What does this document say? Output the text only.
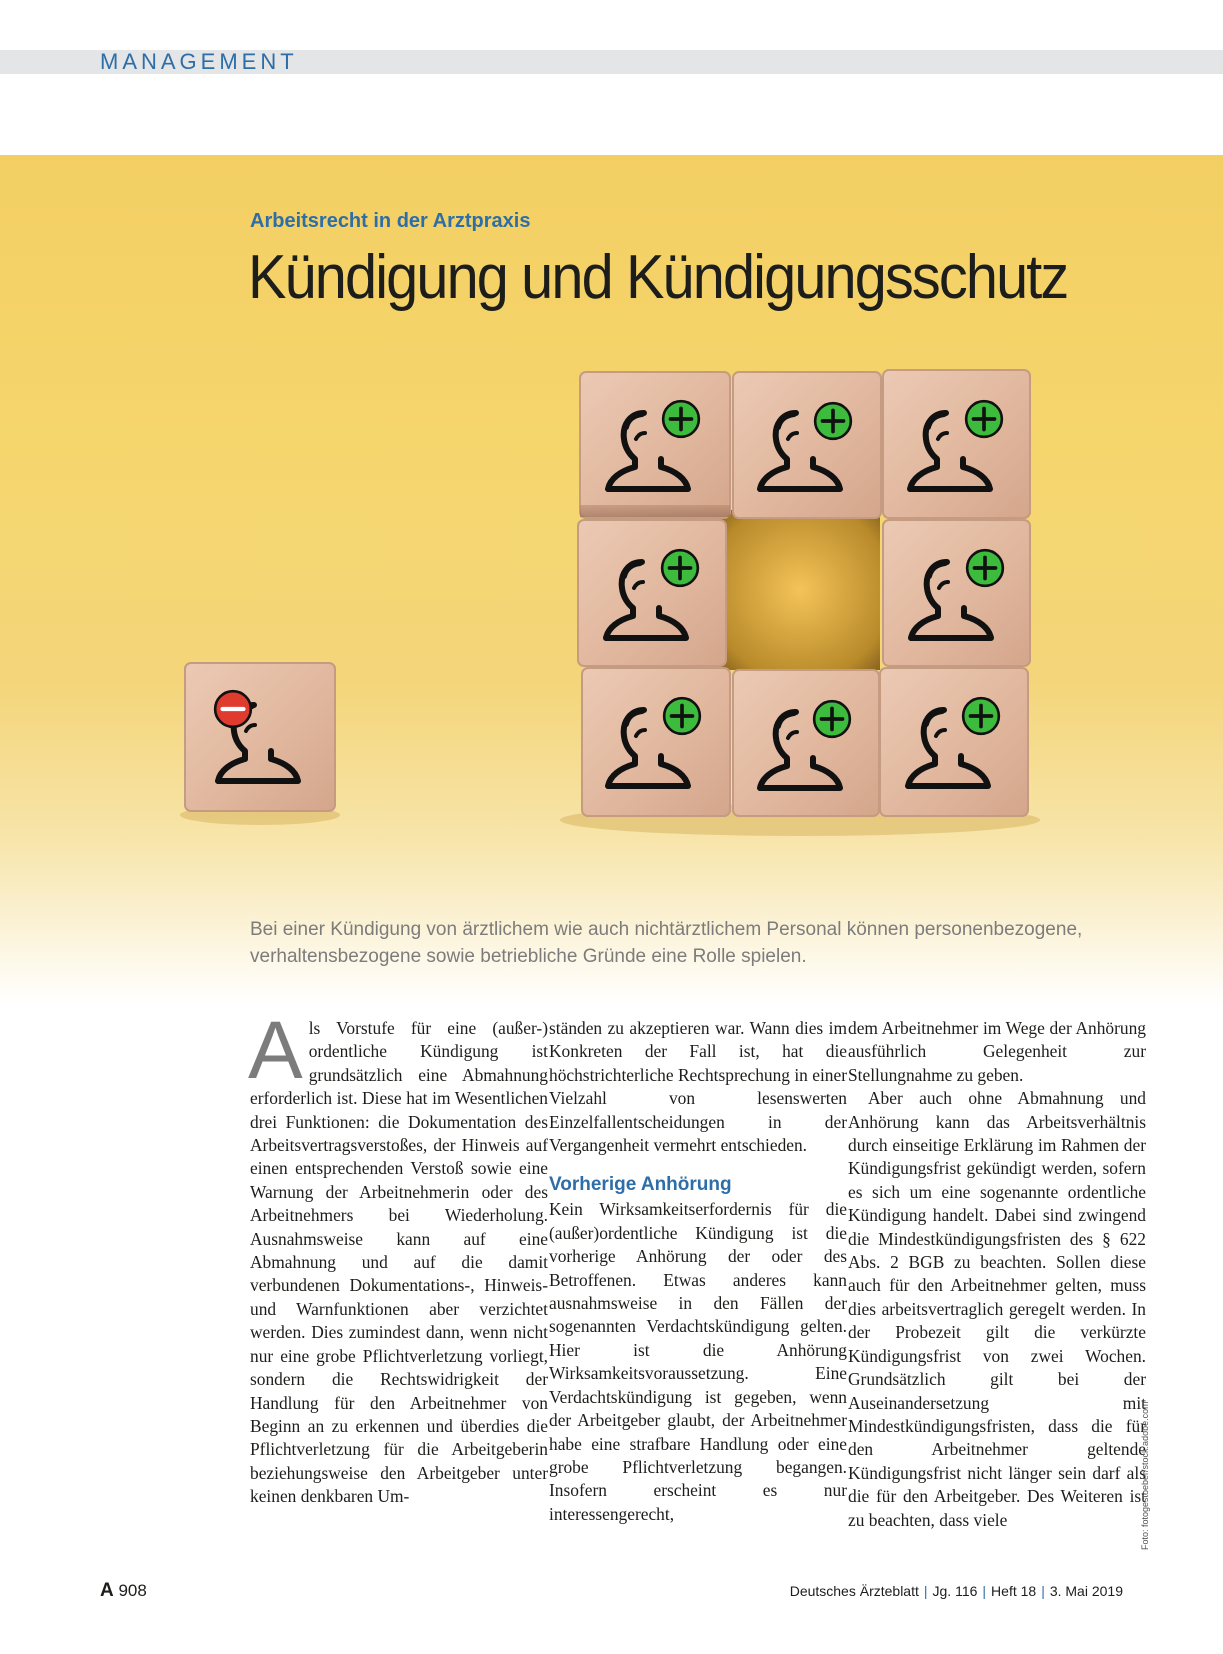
MANAGEMENT
Arbeitsrecht in der Arztpraxis
Kündigung und Kündigungsschutz
Bei einer Kündigung von ärztlichem wie auch nichtärztlichem Personal können personenbezogene,
verhaltensbezogene sowie betriebliche Gründe eine Rolle spielen.

A ls Vorstufe für eine (außer-) ordentliche Kündigung ist grundsätzlich eine Abmahnung erforderlich ist. Diese hat im Wesentlichen drei Funktionen: die Dokumentation des Arbeitsvertragsverstoßes, der Hinweis auf einen entsprechenden Verstoß sowie eine Warnung der Arbeitnehmerin oder des Arbeitnehmers bei Wiederholung. Ausnahmsweise kann auf eine Abmahnung und auf die damit verbundenen Dokumentations-, Hinweis- und Warnfunktionen aber verzichtet werden. Dies zumindest dann, wenn nicht nur eine grobe Pflichtverletzung vorliegt, sondern die Rechtswidrigkeit der Handlung für den Arbeitnehmer von Beginn an zu erkennen und überdies die Pflichtverletzung für die Arbeitgeberin beziehungsweise den Arbeitgeber unter keinen denkbaren Um-

ständen zu akzeptieren war. Wann dies im Konkreten der Fall ist, hat die höchstrichterliche Rechtsprechung in einer Vielzahl von lesenswerten Einzelfallentscheidungen in der Vergangenheit vermehrt entschieden.

Vorherige Anhörung

Kein Wirksamkeitserfordernis für die (außer)ordentliche Kündigung ist die vorherige Anhörung der oder des Betroffenen. Etwas anderes kann ausnahmsweise in den Fällen der sogenannten Verdachtskündigung gelten. Hier ist die Anhörung Wirksamkeitsvoraussetzung. Eine Verdachtskündigung ist gegeben, wenn der Arbeitgeber glaubt, der Arbeitnehmer habe eine strafbare Handlung oder eine grobe Pflichtverletzung begangen. Insofern erscheint es nur interessengerecht,

dem Arbeitnehmer im Wege der Anhörung ausführlich Gelegenheit zur Stellungnahme zu geben.

Aber auch ohne Abmahnung und Anhörung kann das Arbeitsverhältnis durch einseitige Erklärung im Rahmen der Kündigungsfrist gekündigt werden, sofern es sich um eine sogenannte ordentliche Kündigung handelt. Dabei sind zwingend die Mindestkündigungsfristen des § 622 Abs. 2 BGB zu beachten. Sollen diese auch für den Arbeitnehmer gelten, muss dies arbeitsvertraglich geregelt werden. In der Probezeit gilt die verkürzte Kündigungsfrist von zwei Wochen. Grundsätzlich gilt bei der Auseinandersetzung mit Mindestkündigungsfristen, dass die für den Arbeitnehmer geltende Kündigungsfrist nicht länger sein darf als die für den Arbeitgeber. Des Weiteren ist zu beachten, dass viele	Foto: fotogestoeber/stock.adobe.com
A 908	Deutsches Ärzteblatt | Jg. 116 | Heft 18 | 3. Mai 2019
